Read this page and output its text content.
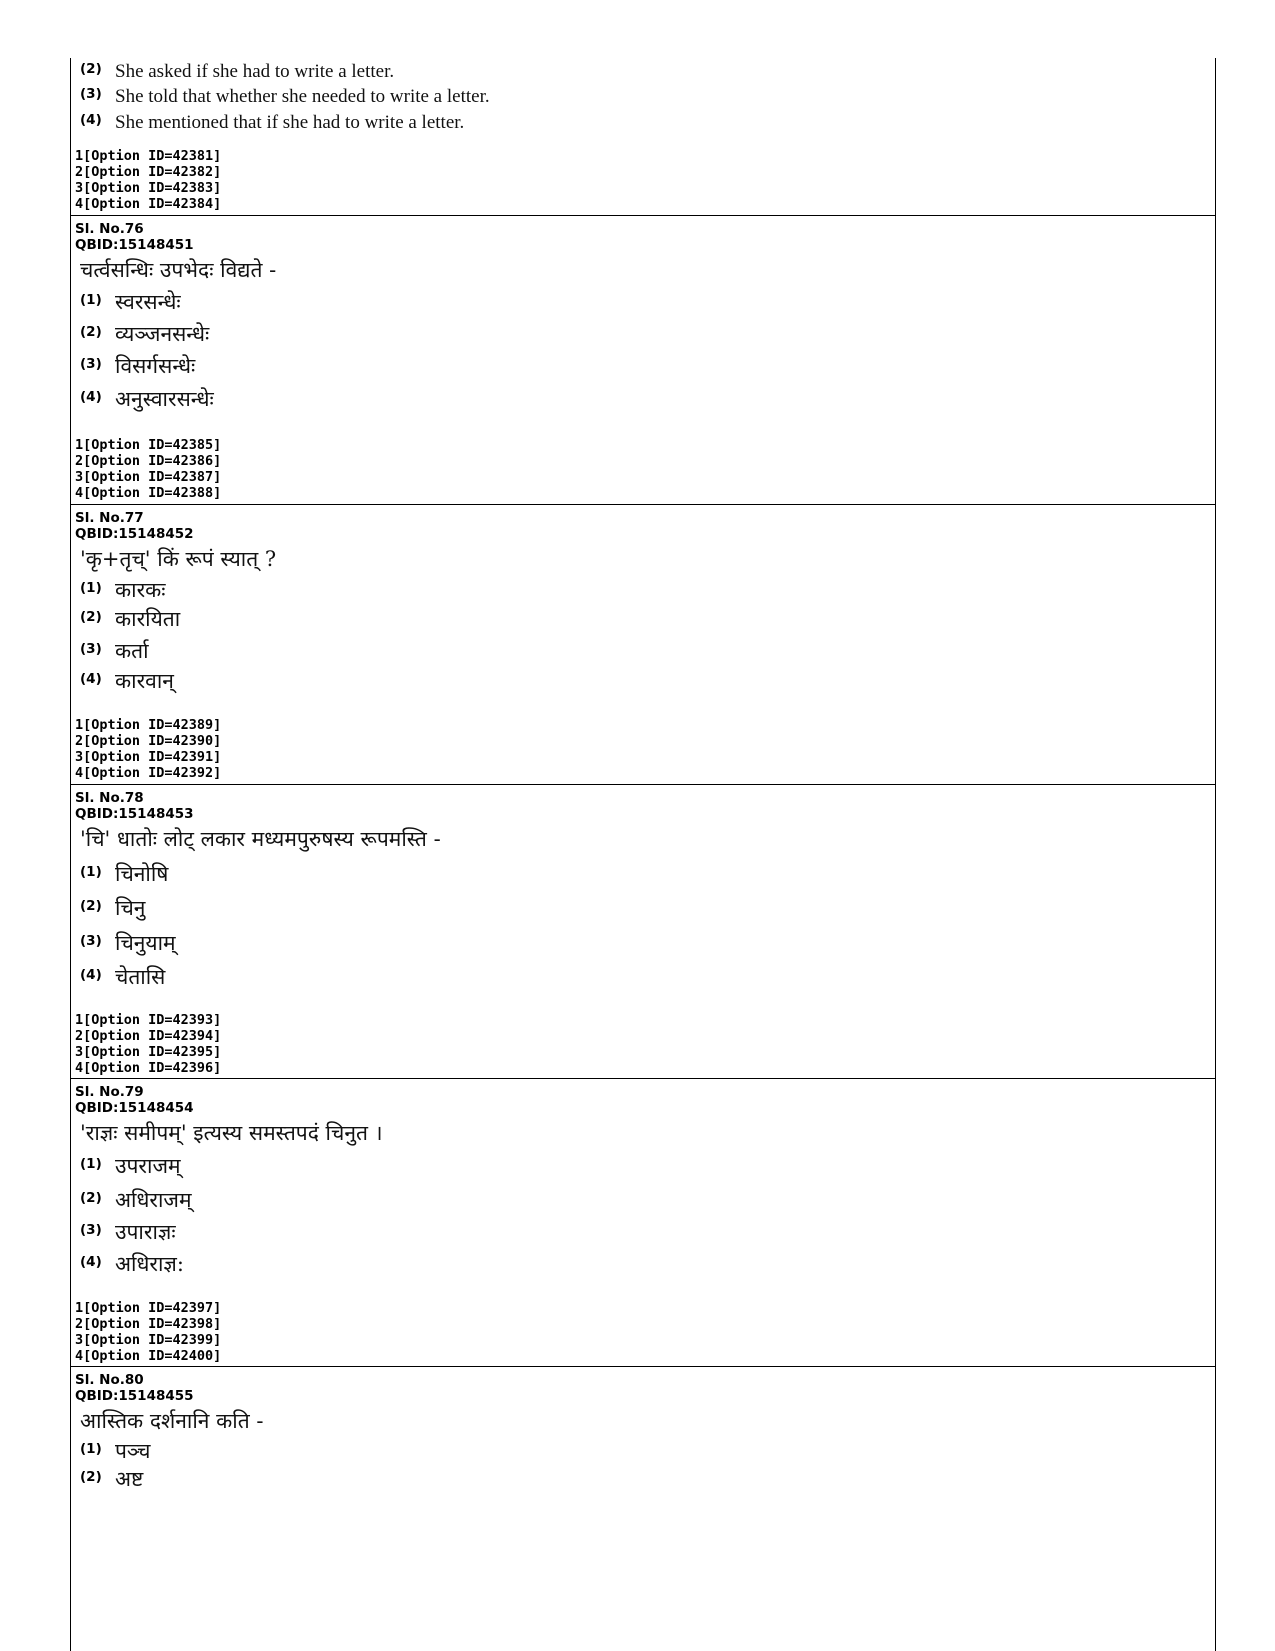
(2) She asked if she had to write a letter.
(3) She told that whether she needed to write a letter.
(4) She mentioned that if she had to write a letter.
1[Option ID=42381]
2[Option ID=42382]
3[Option ID=42383]
4[Option ID=42384]
Sl. No.76
QBID:15148451
चर्त्वसन्धिः उपभेदः विद्यते -
(1) स्वरसन्धेः
(2) व्यञ्जनसन्धेः
(3) विसर्गसन्धेः
(4) अनुस्वारसन्धेः
1[Option ID=42385]
2[Option ID=42386]
3[Option ID=42387]
4[Option ID=42388]
Sl. No.77
QBID:15148452
'कृ+तृच्' किं रूपं स्यात् ?
(1) कारकः
(2) कारयिता
(3) कर्ता
(4) कारवान्
1[Option ID=42389]
2[Option ID=42390]
3[Option ID=42391]
4[Option ID=42392]
Sl. No.78
QBID:15148453
'चि' धातोः लोट् लकार मध्यमपुरुषस्य रूपमस्ति -
(1) चिनोषि
(2) चिनु
(3) चिनुयाम्
(4) चेतासि
1[Option ID=42393]
2[Option ID=42394]
3[Option ID=42395]
4[Option ID=42396]
Sl. No.79
QBID:15148454
'राज्ञः समीपम्' इत्यस्य समस्तपदं चिनुत ।
(1) उपराजम्
(2) अधिराजम्
(3) उपाराज्ञः
(4) अधिराज्ञ:
1[Option ID=42397]
2[Option ID=42398]
3[Option ID=42399]
4[Option ID=42400]
Sl. No.80
QBID:15148455
आस्तिक दर्शनानि कति -
(1) पञ्च
(2) अष्ट
